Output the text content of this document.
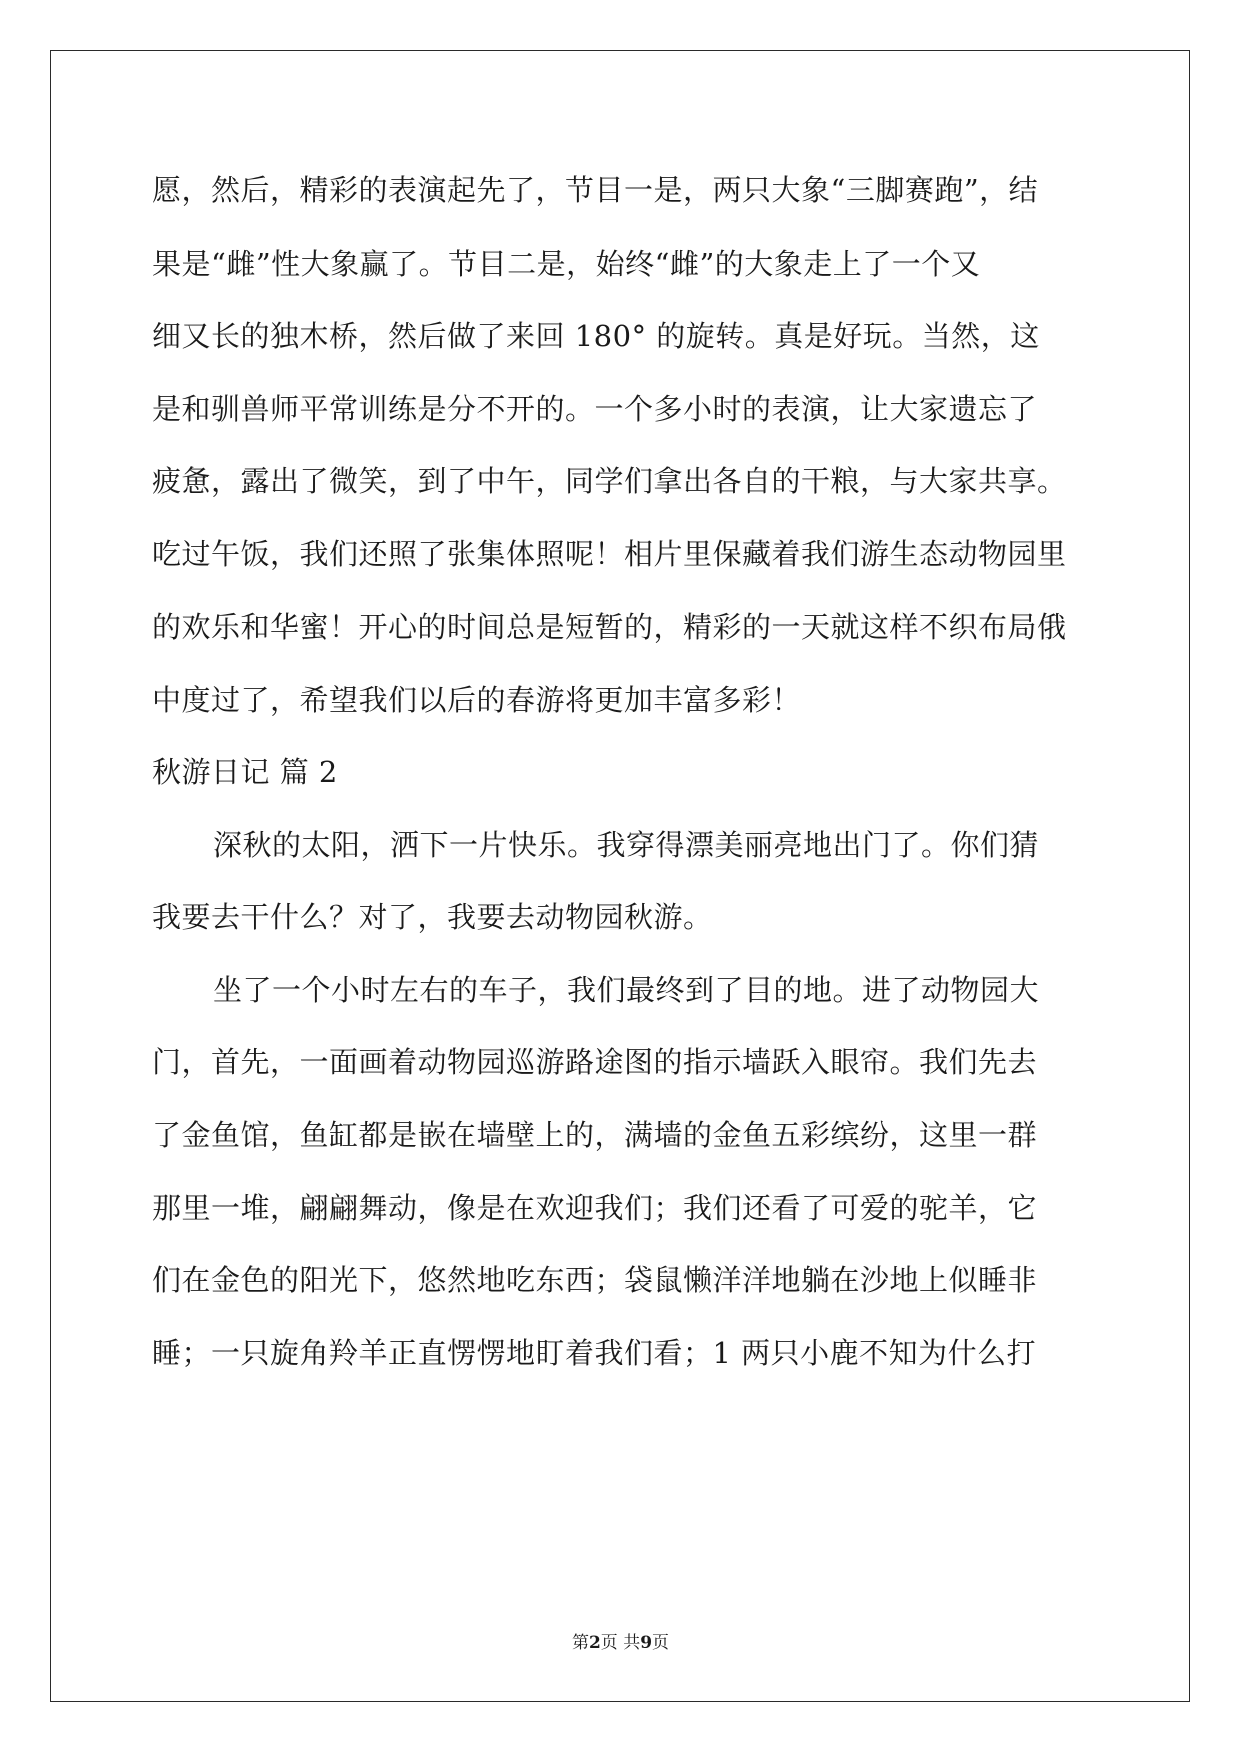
愿，然后，精彩的表演起先了，节目一是，两只大象“三脚赛跑”，结
果是“雌”性大象赢了。节目二是，始终“雌”的大象走上了一个又
细又长的独木桥，然后做了来回 180° 的旋转。真是好玩。当然，这
是和驯兽师平常训练是分不开的。一个多小时的表演，让大家遗忘了
疲惫，露出了微笑，到了中午，同学们拿出各自的干粮，与大家共享。
吃过午饭，我们还照了张集体照呢！相片里保藏着我们游生态动物园里
的欢乐和华蜜！开心的时间总是短暂的，精彩的一天就这样不织布局俄
中度过了，希望我们以后的春游将更加丰富多彩！
秋游日记 篇 2
深秋的太阳，洒下一片快乐。我穿得漂美丽亮地出门了。你们猜
我要去干什么？对了，我要去动物园秋游。
坐了一个小时左右的车子，我们最终到了目的地。进了动物园大
门，首先，一面画着动物园巡游路途图的指示墙跃入眼帘。我们先去
了金鱼馆，鱼缸都是嵌在墙壁上的，满墙的金鱼五彩缤纷，这里一群
那里一堆，翩翩舞动，像是在欢迎我们；我们还看了可爱的驼羊，它
们在金色的阳光下，悠然地吃东西；袋鼠懒洋洋地躺在沙地上似睡非
睡；一只旋角羚羊正直愣愣地盯着我们看；1 两只小鹿不知为什么打
第2页 共9页
